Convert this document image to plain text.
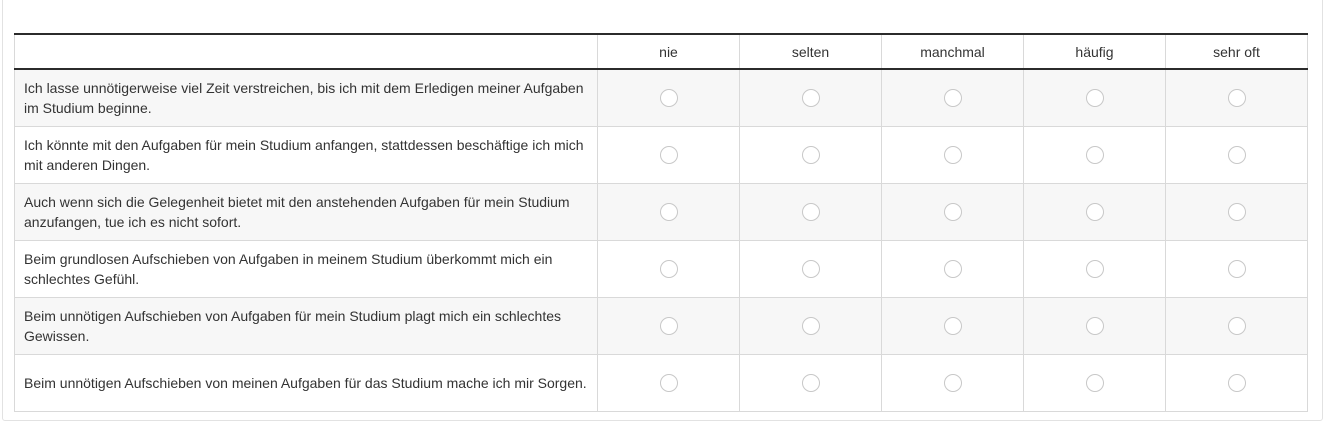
	nie	selten	manchmal	häufig	sehr oft
Ich lasse unnötigerweise viel Zeit verstreichen, bis ich mit dem Erledigen meiner Aufgaben im Studium beginne.					
Ich könnte mit den Aufgaben für mein Studium anfangen, stattdessen beschäftige ich mich mit anderen Dingen.					
Auch wenn sich die Gelegenheit bietet mit den anstehenden Aufgaben für mein Studium anzufangen, tue ich es nicht sofort.					
Beim grundlosen Aufschieben von Aufgaben in meinem Studium überkommt mich ein schlechtes Gefühl.					
Beim unnötigen Aufschieben von Aufgaben für mein Studium plagt mich ein schlechtes Gewissen.					
Beim unnötigen Aufschieben von meinen Aufgaben für das Studium mache ich mir Sorgen.					
